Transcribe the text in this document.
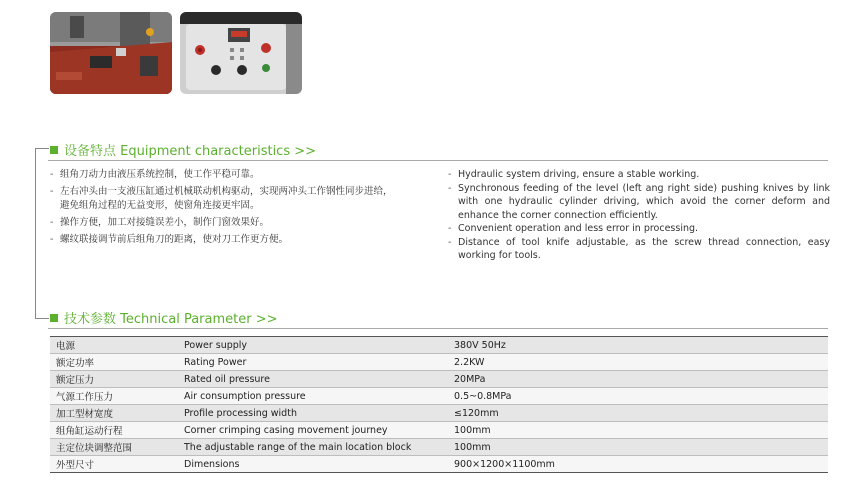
设备特点 Equipment characteristics >>
- 组角刀动力由液压系统控制，使工作平稳可靠。
- 左右冲头由一支液压缸通过机械联动机构驱动，实现两冲头工作钢性同步进给，
避免组角过程的无益变形，使窗角连接更牢固。
- 操作方便，加工对接缝误差小，制作门窗效果好。
- 螺纹联接调节前后组角刀的距离，使对刀工作更方便。
- Hydraulic system driving, ensure a stable working.
- Synchronous feeding of the level (left ang right side) pushing knives by link with one hydraulic cylinder driving, which avoid the corner deform and enhance the corner connection efficiently.
- Convenient operation and less error in processing.
- Distance of tool knife adjustable, as the screw thread connection, easy working for tools.
技术参数 Technical Parameter >>
电源	Power supply	380V 50Hz
额定功率	Rating Power	2.2KW
额定压力	Rated oil pressure	20MPa
气源工作压力	Air consumption pressure	0.5~0.8MPa
加工型材宽度	Profile processing width	≤120mm
组角缸运动行程	Corner crimping casing movement journey	100mm
主定位块调整范围	The adjustable range of the main location block	100mm
外型尺寸	Dimensions	900×1200×1100mm
